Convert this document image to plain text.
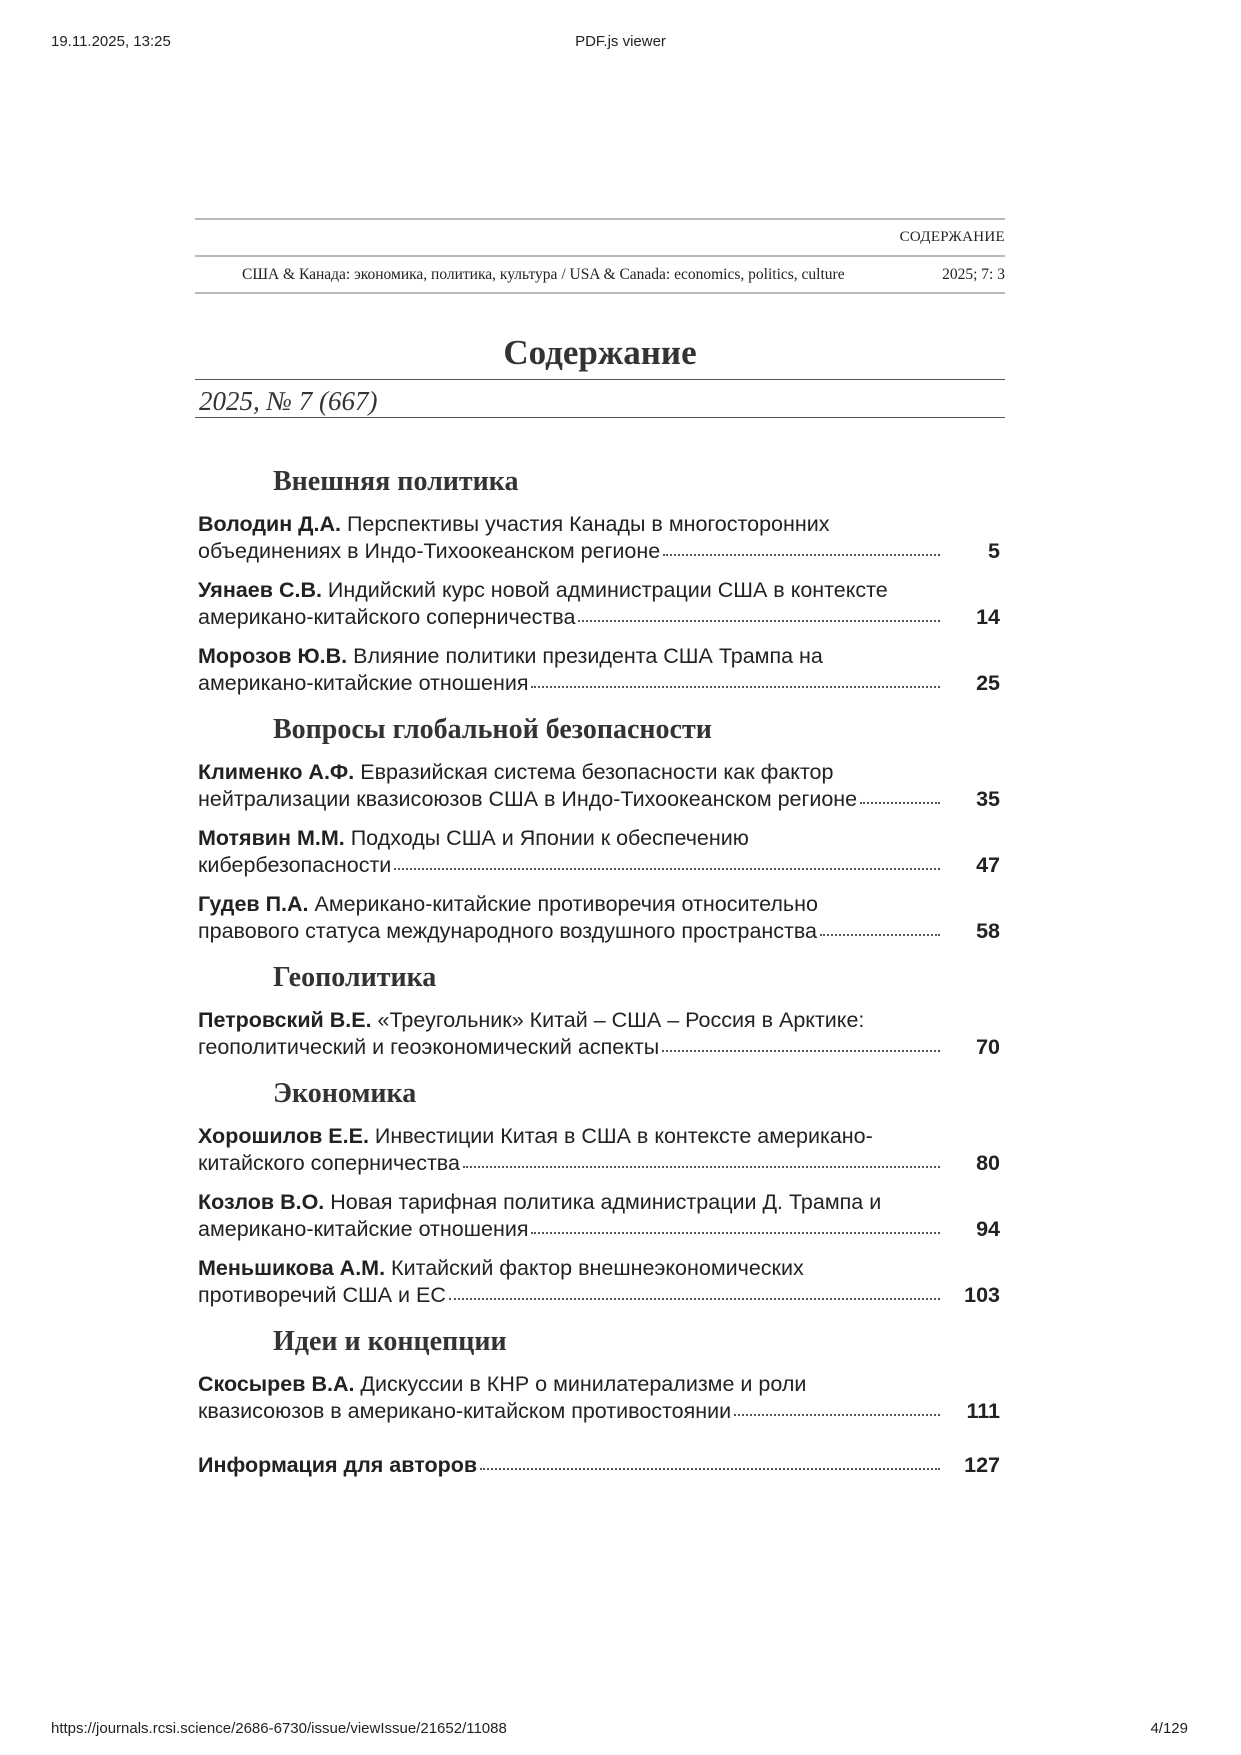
19.11.2025, 13:25	PDF.js viewer
СОДЕРЖАНИЕ
США & Канада: экономика, политика, культура / USA & Canada: economics, politics, culture	2025; 7: 3
Содержание
2025, № 7 (667)
Внешняя политика
Володин Д.А. Перспективы участия Канады в многосторонних
объединениях в Индо-Тихоокеанском регионе	5
Уянаев С.В. Индийский курс новой администрации США в контексте
американо-китайского соперничества	14
Морозов Ю.В. Влияние политики президента США Трампа на
американо-китайские отношения	25
Вопросы глобальной безопасности
Клименко А.Ф. Евразийская система безопасности как фактор
нейтрализации квазисоюзов США в Индо-Тихоокеанском регионе	35
Мотявин М.М. Подходы США и Японии к обеспечению
кибербезопасности	47
Гудев П.А. Американо-китайские противоречия относительно
правового статуса международного воздушного пространства	58
Геополитика
Петровский В.Е. «Треугольник» Китай – США – Россия в Арктике:
геополитический и геоэкономический аспекты	70
Экономика
Хорошилов Е.Е. Инвестиции Китая в США в контексте американо-
китайского соперничества	80
Козлов В.О. Новая тарифная политика администрации Д. Трампа и
американо-китайские отношения	94
Меньшикова А.М. Китайский фактор внешнеэкономических
противоречий США и ЕС	103
Идеи и концепции
Скосырев В.А. Дискуссии в КНР о минилатерализме и роли
квазисоюзов в американо-китайском противостоянии	111
Информация для авторов	127
https://journals.rcsi.science/2686-6730/issue/viewIssue/21652/11088	4/129
